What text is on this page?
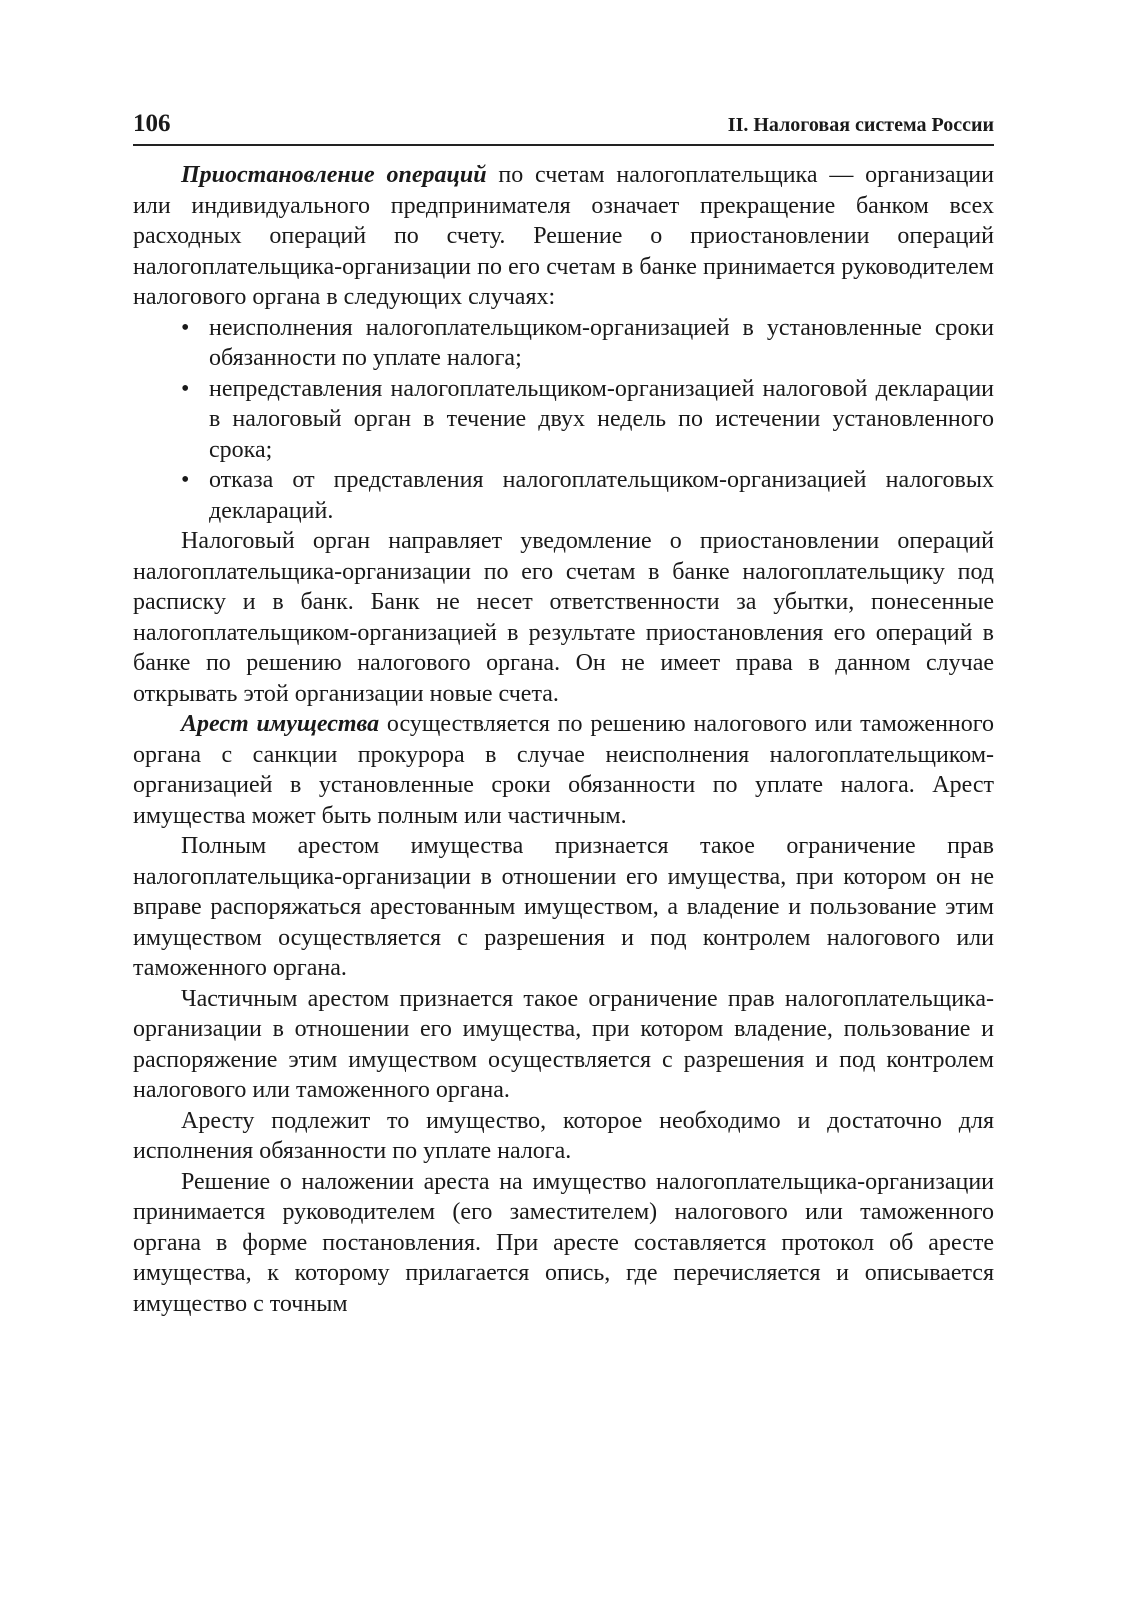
106	II. Налоговая система России

Приостановление операций по счетам налогоплательщика — организации или индивидуального предпринимателя означает прекращение банком всех расходных операций по счету. Решение о приостановлении операций налогоплательщика-организации по его счетам в банке принимается руководителем налогового органа в следующих случаях:

• неисполнения налогоплательщиком-организацией в установленные сроки обязанности по уплате налога;
• непредставления налогоплательщиком-организацией налоговой декларации в налоговый орган в течение двух недель по истечении установленного срока;
• отказа от представления налогоплательщиком-организацией налоговых деклараций.

Налоговый орган направляет уведомление о приостановлении операций налогоплательщика-организации по его счетам в банке налогоплательщику под расписку и в банк. Банк не несет ответственности за убытки, понесенные налогоплательщиком-организацией в результате приостановления его операций в банке по решению налогового органа. Он не имеет права в данном случае открывать этой организации новые счета.

Арест имущества осуществляется по решению налогового или таможенного органа с санкции прокурора в случае неисполнения налогоплательщиком-организацией в установленные сроки обязанности по уплате налога. Арест имущества может быть полным или частичным.

Полным арестом имущества признается такое ограничение прав налогоплательщика-организации в отношении его имущества, при котором он не вправе распоряжаться арестованным имуществом, а владение и пользование этим имуществом осуществляется с разрешения и под контролем налогового или таможенного органа.

Частичным арестом признается такое ограничение прав налогоплательщика-организации в отношении его имущества, при котором владение, пользование и распоряжение этим имуществом осуществляется с разрешения и под контролем налогового или таможенного органа.

Аресту подлежит то имущество, которое необходимо и достаточно для исполнения обязанности по уплате налога.

Решение о наложении ареста на имущество налогоплательщика-организации принимается руководителем (его заместителем) налогового или таможенного органа в форме постановления. При аресте составляется протокол об аресте имущества, к которому прилагается опись, где перечисляется и описывается имущество с точным
